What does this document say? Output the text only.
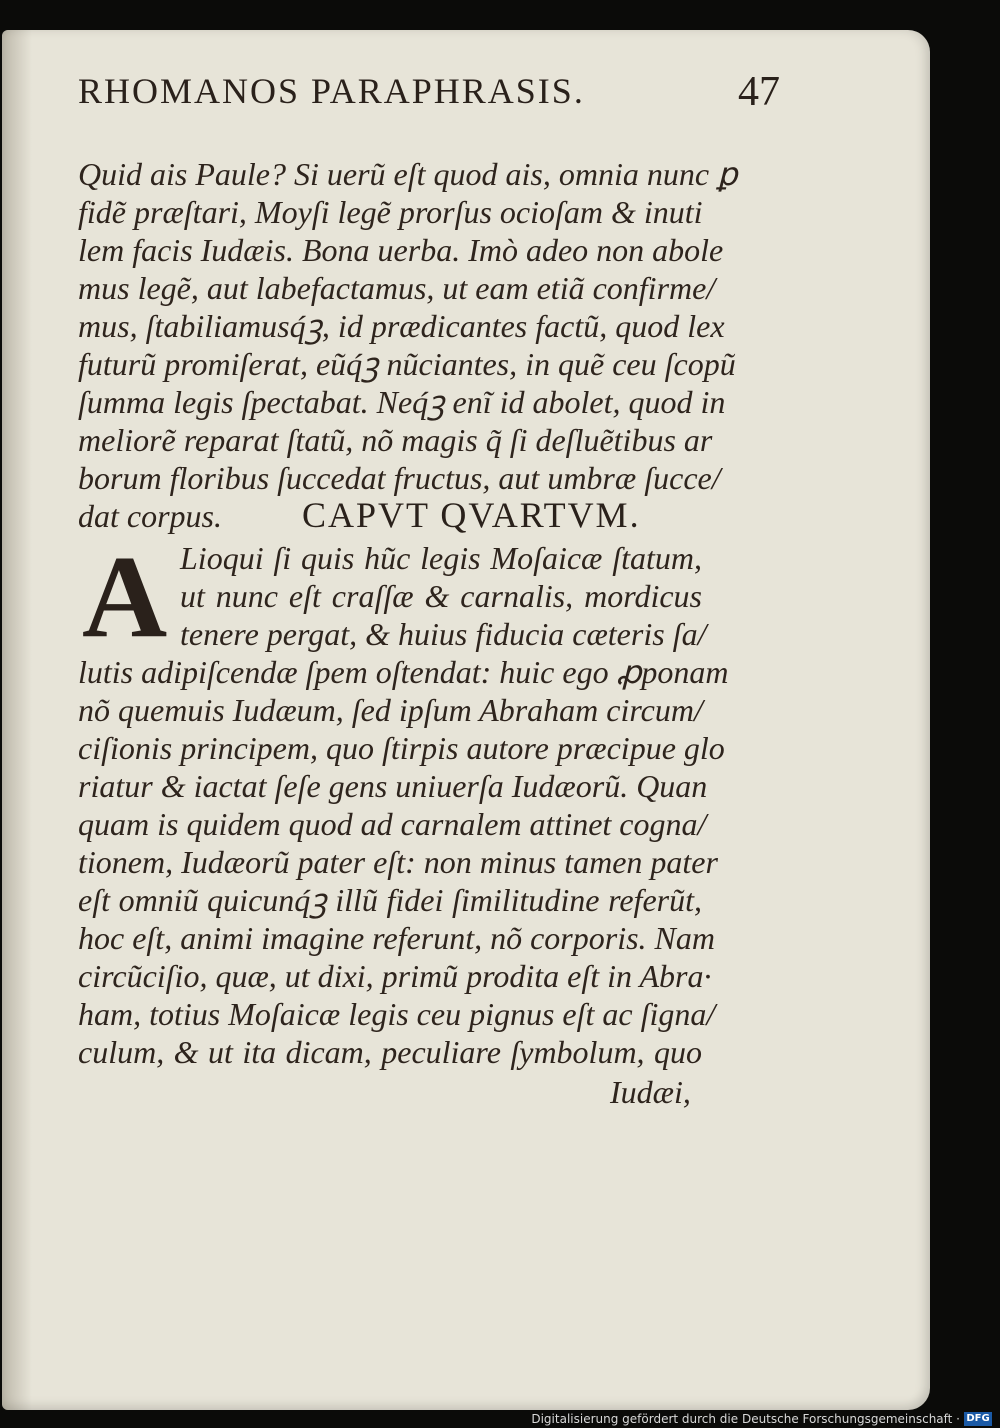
RHOMANOS PARAPHRASIS.	47
Quid ais Paule? Si uerũ eſt quod ais, omnia nunc ꝑ
fidẽ præſtari, Moyſi legẽ prorſus ocioſam & inuti
lem facis Iudæis. Bona uerba. Imò adeo non abole
mus legẽ, aut labefactamus, ut eam etiã confirme/
mus, ſtabiliamusq́ꝫ, id prædicantes factũ, quod lex
futurũ promiſerat, eũq́ꝫ nũciantes, in quẽ ceu ſcopũ
ſumma legis ſpectabat. Neq́ꝫ enĩ id abolet, quod in
meliorẽ reparat ſtatũ, nõ magis q̃ ſi deſluẽtibus ar
borum floribus ſuccedat fructus, aut umbræ ſucce/
dat corpus.	CAPVT QVARTVM.
A Lioqui ſi quis hũc legis Moſaicæ ſtatum,
ut nunc eſt craſſæ & carnalis, mordicus
tenere pergat, & huius fiducia cæteris ſa/
lutis adipiſcendæ ſpem oſtendat: huic ego ꝓponam
nõ quemuis Iudæum, ſed ipſum Abraham circum/
ciſionis principem, quo ſtirpis autore præcipue glo
riatur & iactat ſeſe gens uniuerſa Iudæorũ. Quan
quam is quidem quod ad carnalem attinet cogna/
tionem, Iudæorũ pater eſt: non minus tamen pater
eſt omniũ quicunq́ꝫ illũ fidei ſimilitudine referũt,
hoc eſt, animi imagine referunt, nõ corporis. Nam
circũciſio, quæ, ut dixi, primũ prodita eſt in Abra·
ham, totius Moſaicæ legis ceu pignus eſt ac ſigna/
culum, & ut ita dicam, peculiare ſymbolum, quo
Iudæi,
Digitalisierung gefördert durch die Deutsche Forschungsgemeinschaft · DFG
